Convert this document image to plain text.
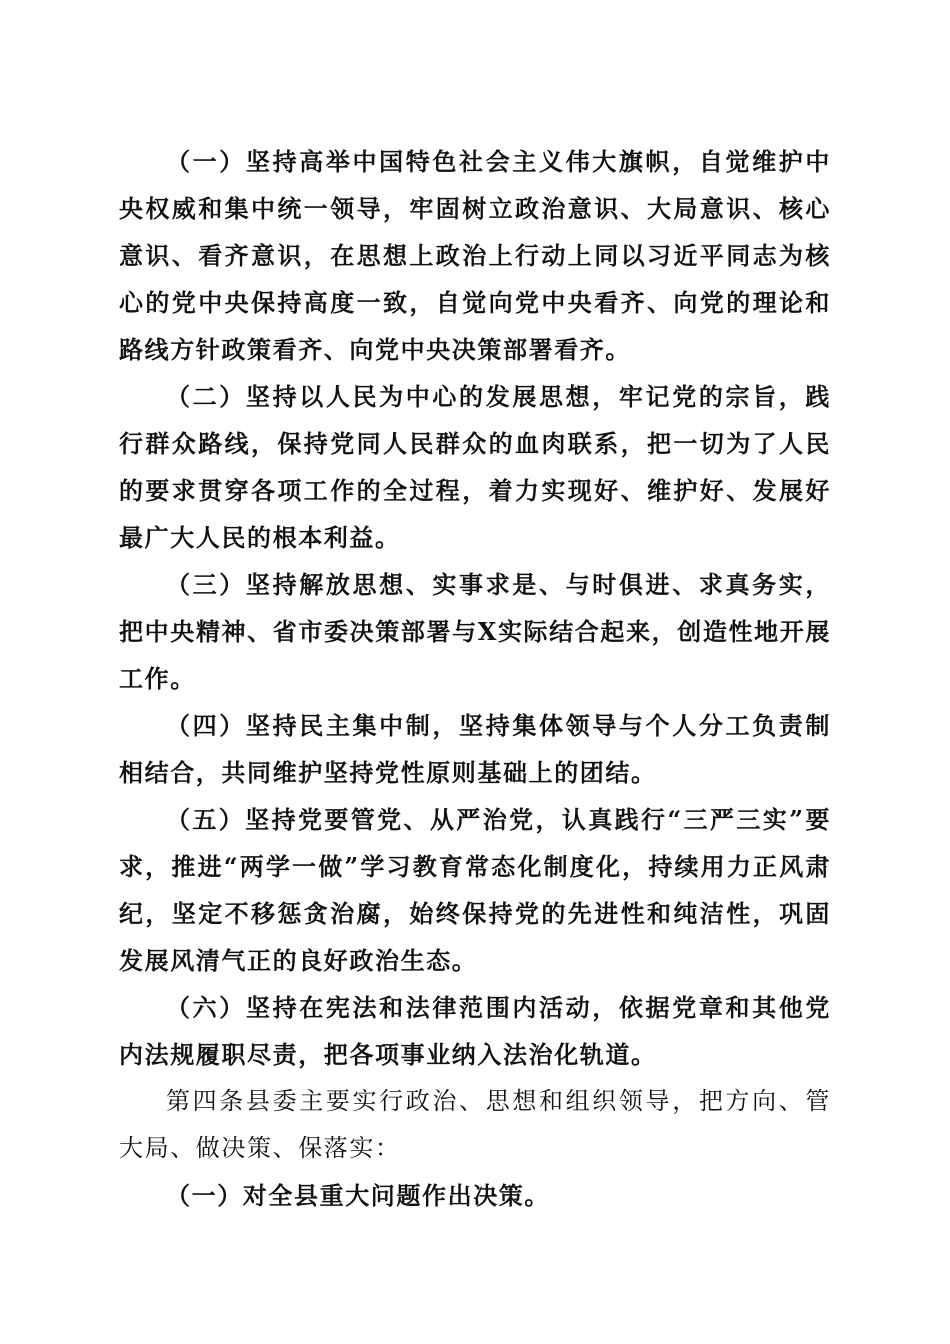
（一）坚持高举中国特色社会主义伟大旗帜，自觉维护中央权威和集中统一领导，牢固树立政治意识、大局意识、核心意识、看齐意识，在思想上政治上行动上同以习近平同志为核心的党中央保持高度一致，自觉向党中央看齐、向党的理论和路线方针政策看齐、向党中央决策部署看齐。

（二）坚持以人民为中心的发展思想，牢记党的宗旨，践行群众路线，保持党同人民群众的血肉联系，把一切为了人民的要求贯穿各项工作的全过程，着力实现好、维护好、发展好最广大人民的根本利益。

（三）坚持解放思想、实事求是、与时俱进、求真务实，把中央精神、省市委决策部署与X实际结合起来，创造性地开展工作。

（四）坚持民主集中制，坚持集体领导与个人分工负责制相结合，共同维护坚持党性原则基础上的团结。

（五）坚持党要管党、从严治党，认真践行“三严三实”要求，推进“两学一做”学习教育常态化制度化，持续用力正风肃纪，坚定不移惩贪治腐，始终保持党的先进性和纯洁性，巩固发展风清气正的良好政治生态。

（六）坚持在宪法和法律范围内活动，依据党章和其他党内法规履职尽责，把各项事业纳入法治化轨道。

第四条县委主要实行政治、思想和组织领导，把方向、管大局、做决策、保落实：

（一）对全县重大问题作出决策。
